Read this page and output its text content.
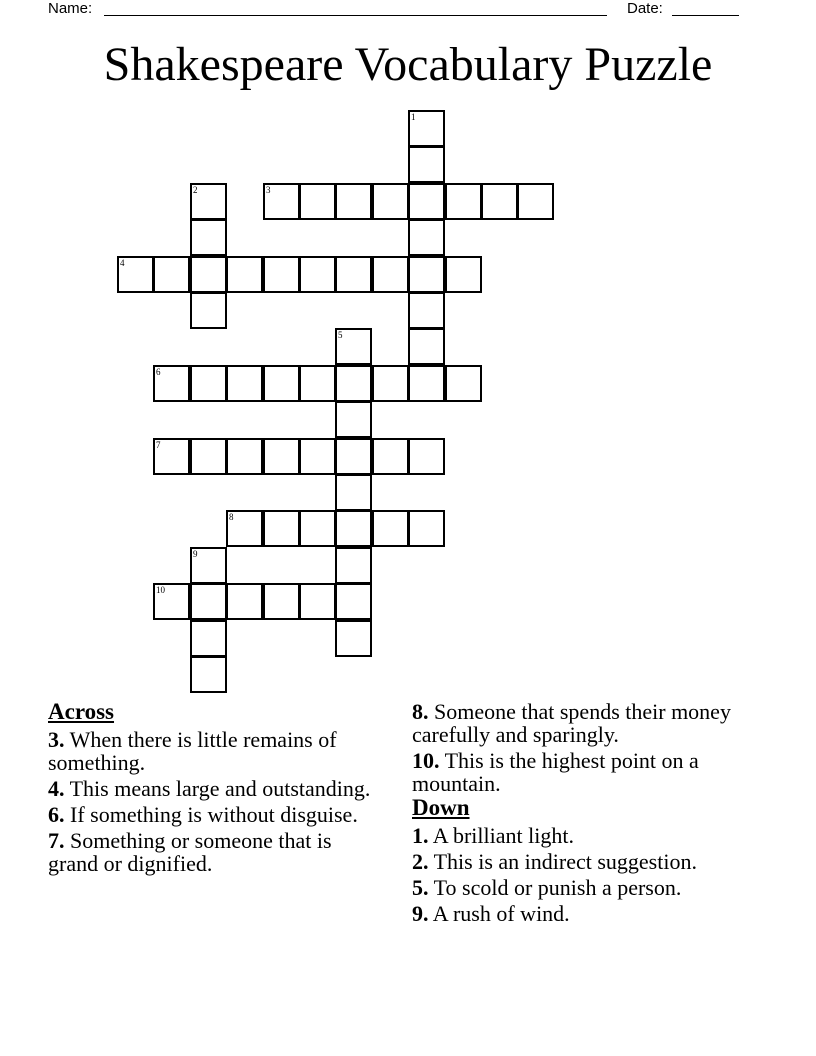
Name:	Date:
Shakespeare Vocabulary Puzzle
1
2	3
4
5
6
7
8
9
10
Across
3. When there is little remains of something.
4. This means large and outstanding.
6. If something is without disguise.
7. Something or someone that is grand or dignified.
8. Someone that spends their money carefully and sparingly.
10. This is the highest point on a mountain.
Down
1. A brilliant light.
2. This is an indirect suggestion.
5. To scold or punish a person.
9. A rush of wind.
